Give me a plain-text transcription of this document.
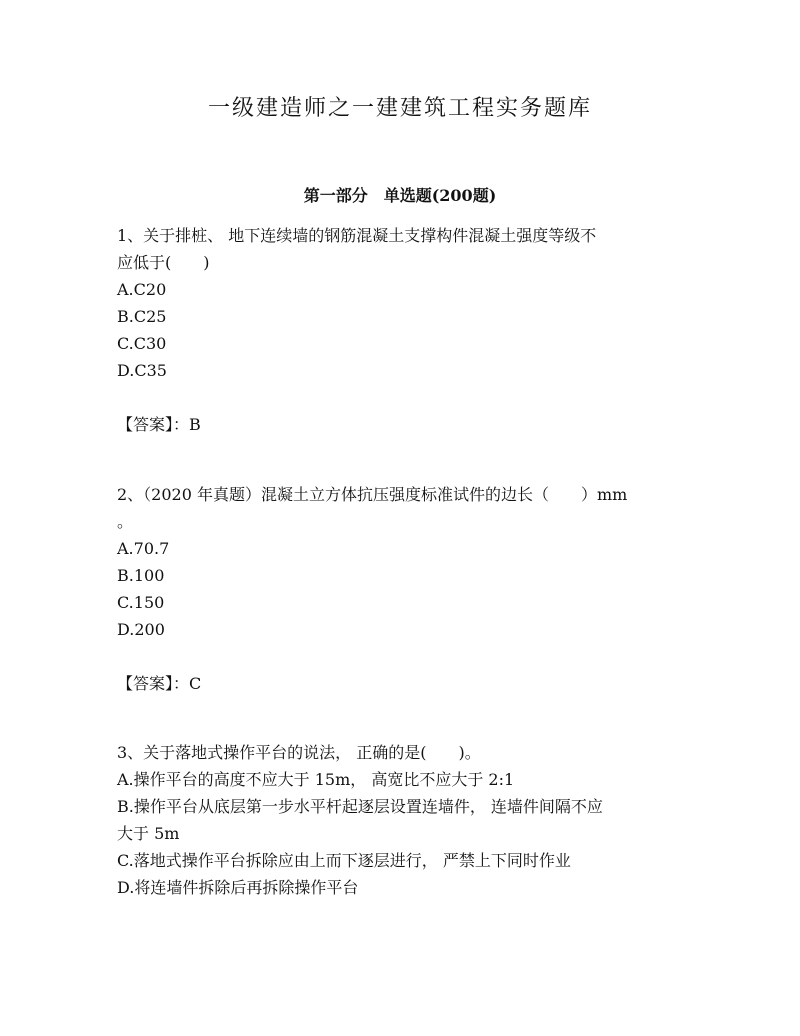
一级建造师之一建建筑工程实务题库
第一部分　单选题(200题)
1、关于排桩、 地下连续墙的钢筋混凝土支撑构件混凝土强度等级不
应低于(　　)
A.C20
B.C25
C.C30
D.C35
【答案】：B
2、（2020 年真题）混凝土立方体抗压强度标准试件的边长（　　）mm
。
A.70.7
B.100
C.150
D.200
【答案】：C
3、关于落地式操作平台的说法， 正确的是(　　)。
A.操作平台的高度不应大于 15m， 高宽比不应大于 2:1
B.操作平台从底层第一步水平杆起逐层设置连墙件， 连墙件间隔不应
大于 5m
C.落地式操作平台拆除应由上而下逐层进行， 严禁上下同时作业
D.将连墙件拆除后再拆除操作平台
